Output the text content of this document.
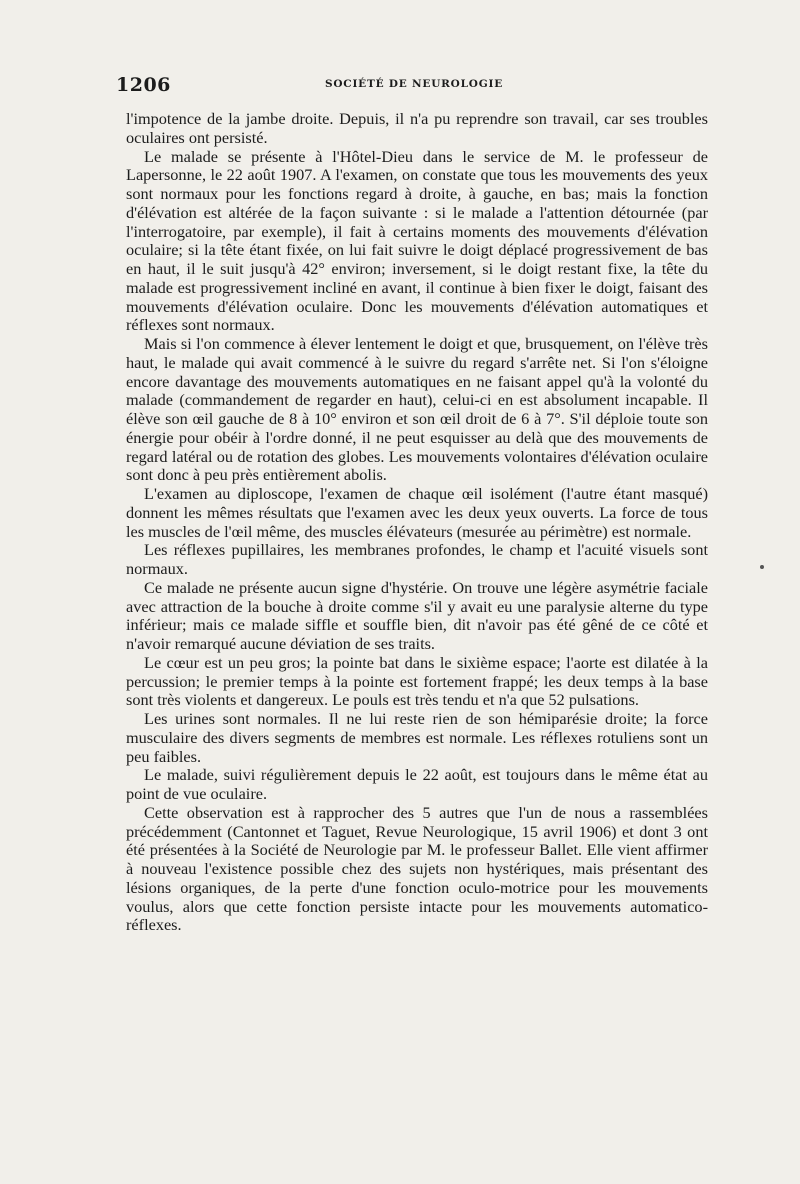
1206	SOCIÉTÉ DE NEUROLOGIE

l'impotence de la jambe droite. Depuis, il n'a pu reprendre son travail, car ses troubles oculaires ont persisté.

Le malade se présente à l'Hôtel-Dieu dans le service de M. le professeur de Lapersonne, le 22 août 1907. A l'examen, on constate que tous les mouvements des yeux sont normaux pour les fonctions regard à droite, à gauche, en bas; mais la fonction d'élévation est altérée de la façon suivante : si le malade a l'attention détournée (par l'interrogatoire, par exemple), il fait à certains moments des mouvements d'élévation oculaire; si la tête étant fixée, on lui fait suivre le doigt déplacé progressivement de bas en haut, il le suit jusqu'à 42° environ; inversement, si le doigt restant fixe, la tête du malade est progressivement incliné en avant, il continue à bien fixer le doigt, faisant des mouvements d'élévation oculaire. Donc les mouvements d'élévation automatiques et réflexes sont normaux.

Mais si l'on commence à élever lentement le doigt et que, brusquement, on l'élève très haut, le malade qui avait commencé à le suivre du regard s'arrête net. Si l'on s'éloigne encore davantage des mouvements automatiques en ne faisant appel qu'à la volonté du malade (commandement de regarder en haut), celui-ci en est absolument incapable. Il élève son œil gauche de 8 à 10° environ et son œil droit de 6 à 7°. S'il déploie toute son énergie pour obéir à l'ordre donné, il ne peut esquisser au delà que des mouvements de regard latéral ou de rotation des globes. Les mouvements volontaires d'élévation oculaire sont donc à peu près entièrement abolis.

L'examen au diploscope, l'examen de chaque œil isolément (l'autre étant masqué) donnent les mêmes résultats que l'examen avec les deux yeux ouverts. La force de tous les muscles de l'œil même, des muscles élévateurs (mesurée au périmètre) est normale.

Les réflexes pupillaires, les membranes profondes, le champ et l'acuité visuels sont normaux.

Ce malade ne présente aucun signe d'hystérie. On trouve une légère asymétrie faciale avec attraction de la bouche à droite comme s'il y avait eu une paralysie alterne du type inférieur; mais ce malade siffle et souffle bien, dit n'avoir pas été gêné de ce côté et n'avoir remarqué aucune déviation de ses traits.

Le cœur est un peu gros; la pointe bat dans le sixième espace; l'aorte est dilatée à la percussion; le premier temps à la pointe est fortement frappé; les deux temps à la base sont très violents et dangereux. Le pouls est très tendu et n'a que 52 pulsations.

Les urines sont normales. Il ne lui reste rien de son hémiparésie droite; la force musculaire des divers segments de membres est normale. Les réflexes rotuliens sont un peu faibles.

Le malade, suivi régulièrement depuis le 22 août, est toujours dans le même état au point de vue oculaire.

Cette observation est à rapprocher des 5 autres que l'un de nous a rassemblées précédemment (Cantonnet et Taguet, Revue Neurologique, 15 avril 1906) et dont 3 ont été présentées à la Société de Neurologie par M. le professeur Ballet. Elle vient affirmer à nouveau l'existence possible chez des sujets non hystériques, mais présentant des lésions organiques, de la perte d'une fonction oculo-motrice pour les mouvements voulus, alors que cette fonction persiste intacte pour les mouvements automatico-réflexes.
